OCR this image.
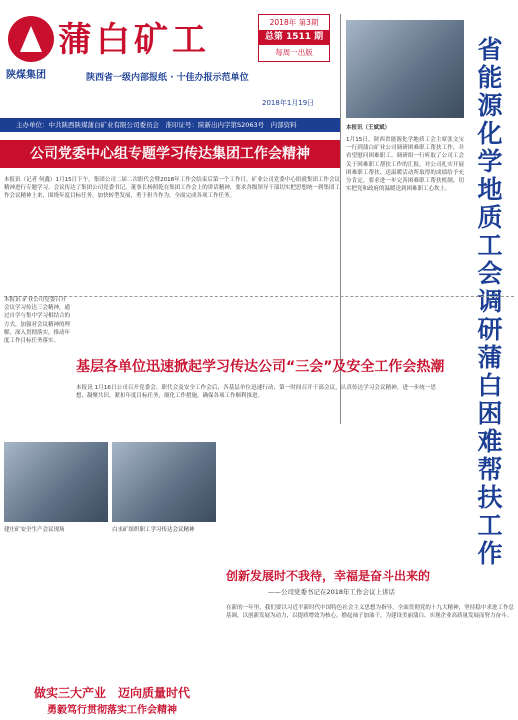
陕煤集团
蒲白矿工	2018年 第3期
总第 1511 期
每周一出版
陕西省一级内部报纸 · 十佳办报示范单位
2018年1月19日
主办单位：中共陕西陕煤蒲白矿业有限公司委员会　准印证号：陕新出内字第S2063号　内部资料
公司党委中心组专题学习传达集团工作会精神
本报讯（记者 何鑫）1月15日下午，集团公司二届二次职代会暨2018年工作会结束后第一个工作日，矿业公司党委中心组就集团工作会议精神进行专题学习。会议传达了集团公司党委书记、董事长杨照乾在集团工作会上的讲话精神，要求各级领导干部切实把思想统一到集团工作会议精神上来，围绕年度目标任务，加快转型发展，勇于担当作为，全面完成各项工作任务。
省能源化学地质工会调研蒲白困难帮扶工作
本报讯（王斌斌）
1月15日，陕西省能源化学地质工会主席张文宝一行到蒲白矿业公司调研困难职工帮扶工作，并看望慰问困难职工。调研组一行听取了公司工会关于困难职工帮扶工作的汇报，对公司扎实开展困难职工帮扶、送温暖活动所取得的成绩给予充分肯定，要求进一步完善困难职工帮扶机制，切实把党和政府的温暖送到困难职工心坎上。
本报讯 矿业公司党委召开会议学习传达三会精神，通过自学与集中学习相结合的方式，加强对会议精神的理解，深入贯彻落实，推动年度工作目标任务落实。
基层各单位迅速掀起学习传达公司“三会”及安全工作会热潮
本报讯 1月16日公司召开党委会、职代会及安全工作会后，各基层单位迅速行动，第一时间召开干部会议，认真传达学习会议精神，进一步统一思想，凝聚共识，紧扣年度目标任务，细化工作措施，确保各项工作顺利推进。
建庄矿安全生产会议现场	白水矿组织职工学习传达会议精神
创新发展时不我待，幸福是奋斗出来的
——公司党委书记在2018年工作会议上讲话
在新的一年里，我们要以习近平新时代中国特色社会主义思想为指导，全面贯彻党的十九大精神，坚持稳中求进工作总基调，以创新发展为动力，以提质增效为核心，撸起袖子加油干，为建设美丽蒲白、实现企业高质量发展而努力奋斗。
做实三大产业　迈向质量时代
勇毅笃行贯彻落实工作会精神
